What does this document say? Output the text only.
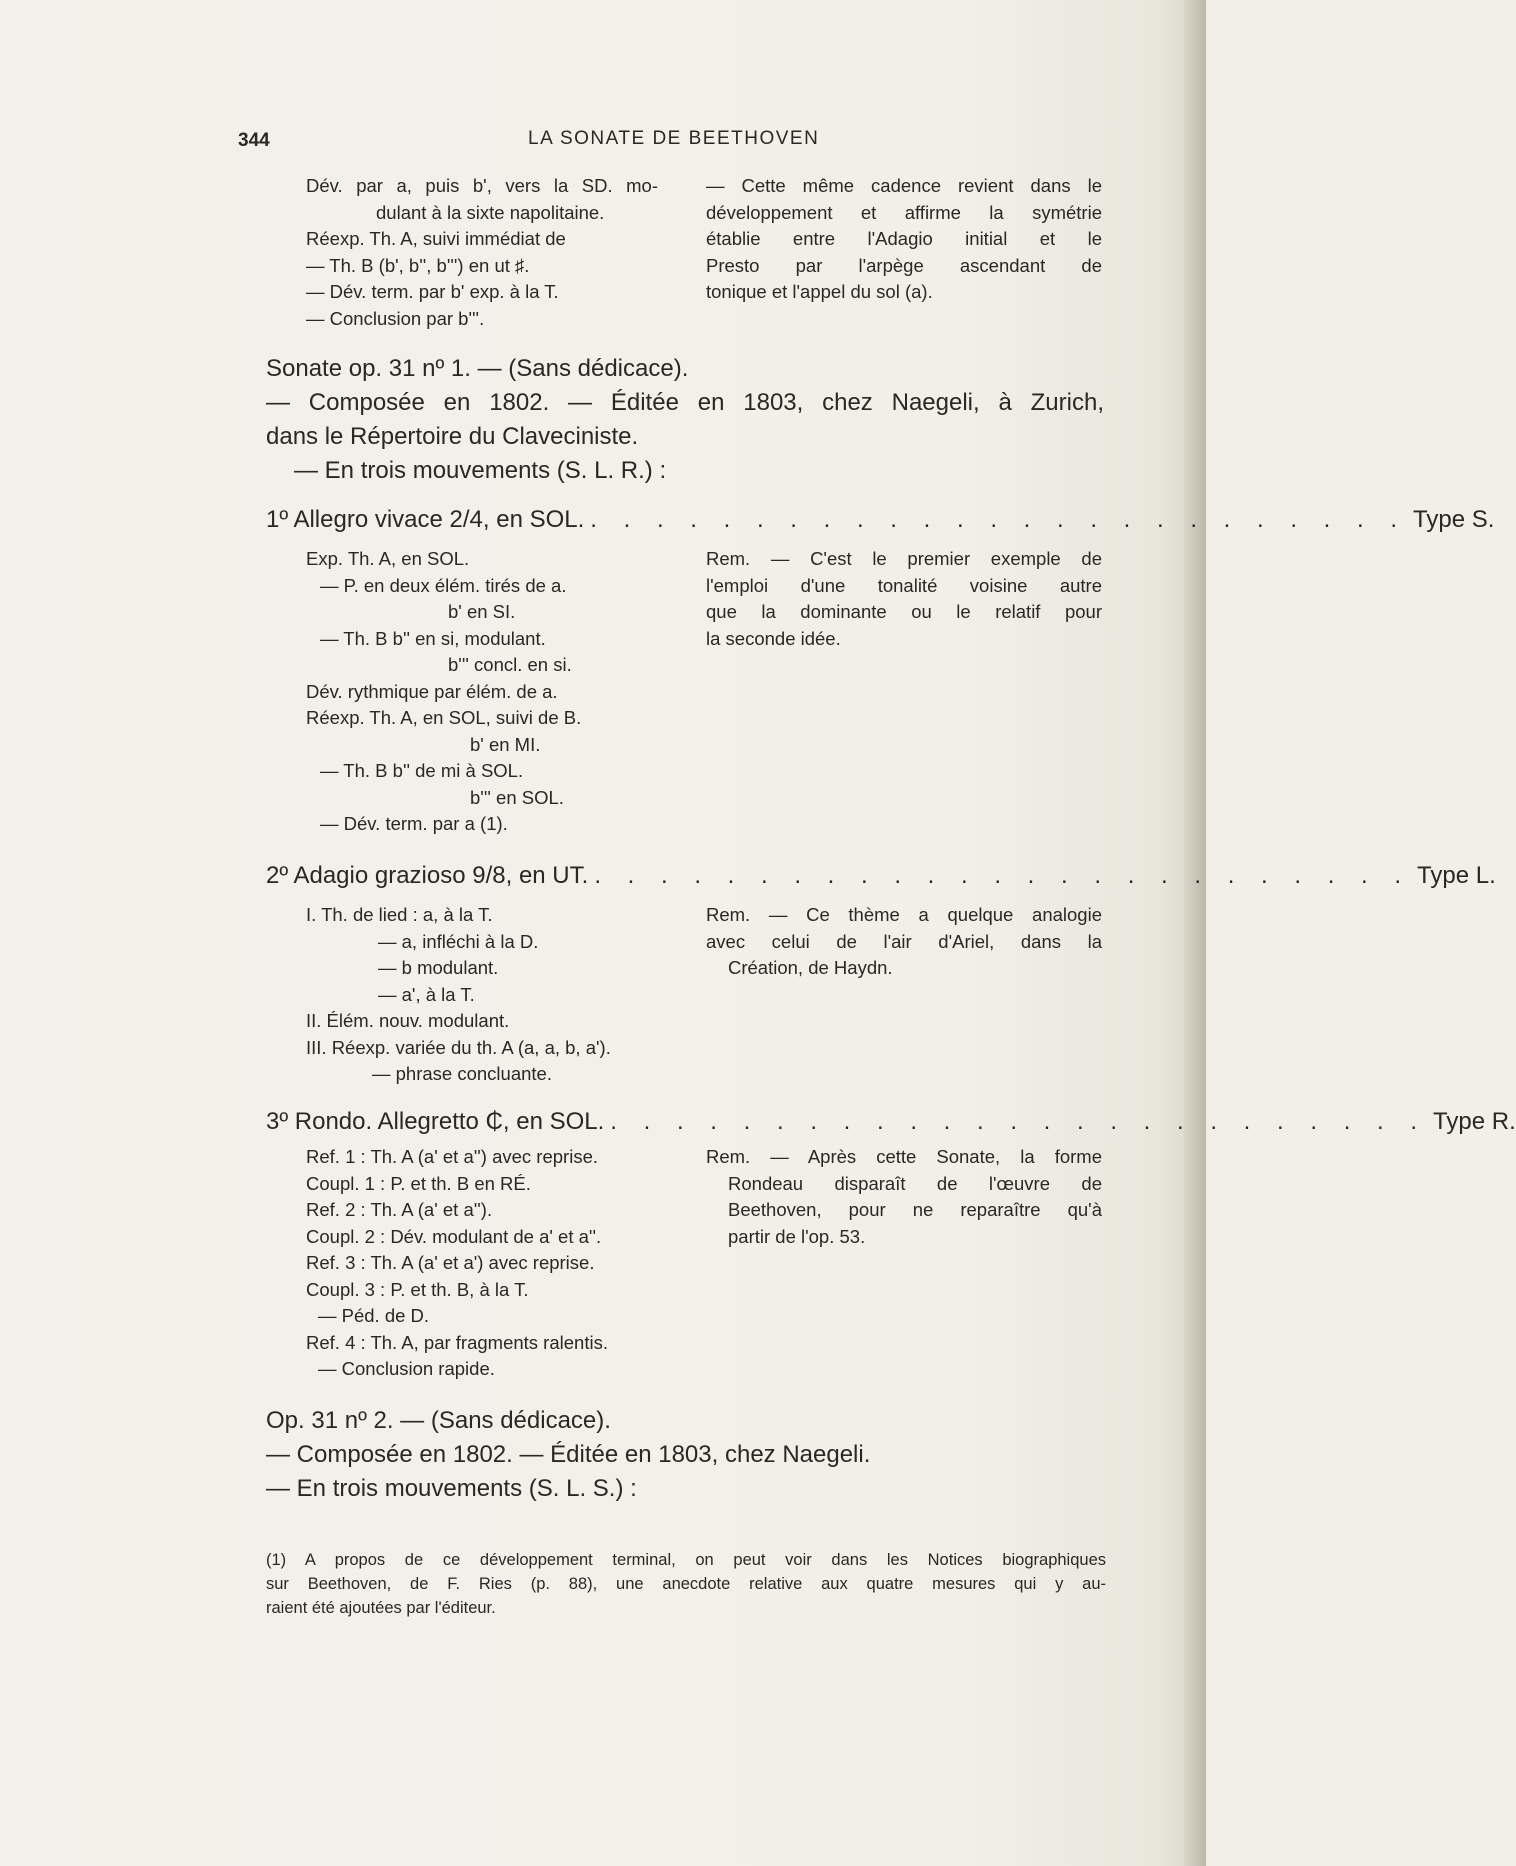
344	LA SONATE DE BEETHOVEN
Dév. par a, puis b', vers la SD. mo-
dulant à la sixte napolitaine.
Réexp. Th. A, suivi immédiat de
— Th. B (b', b'', b''') en ut ♯.
— Dév. term. par b' exp. à la T.
— Conclusion par b'''.
— Cette même cadence revient dans le
développement et affirme la symétrie
établie entre l'Adagio initial et le
Presto par l'arpège ascendant de
tonique et l'appel du sol (a).
Sonate op. 31 nº 1. — (Sans dédicace).
— Composée en 1802. — Éditée en 1803, chez Naegeli, à Zurich,
dans le Répertoire du Claveciniste.
— En trois mouvements (S. L. R.) :
1º Allegro vivace 2/4, en SOL. . . . . . . . . . . . . . . . . . . . . . . . . . Type S.
Exp. Th. A, en SOL.
— P. en deux élém. tirés de a.
b' en SI.
— Th. B b'' en si, modulant.
b''' concl. en si.
Dév. rythmique par élém. de a.
Réexp. Th. A, en SOL, suivi de B.
b' en MI.
— Th. B b'' de mi à SOL.
b''' en SOL.
— Dév. term. par a (1).
Rem. — C'est le premier exemple de
l'emploi d'une tonalité voisine autre
que la dominante ou le relatif pour
la seconde idée.
2º Adagio grazioso 9/8, en UT. . . . . . . . . . . . . . . . . . . . . . . . . . Type L.
I. Th. de lied : a, à la T.
— a, infléchi à la D.
— b modulant.
— a', à la T.
II. Élém. nouv. modulant.
III. Réexp. variée du th. A (a, a, b, a').
— phrase concluante.
Rem. — Ce thème a quelque analogie
avec celui de l'air d'Ariel, dans la
Création, de Haydn.
3º Rondo. Allegretto ₵, en SOL. . . . . . . . . . . . . . . . . . . . . . . . . . Type R.
Ref. 1 : Th. A (a' et a'') avec reprise.
Coupl. 1 : P. et th. B en RÉ.
Ref. 2 : Th. A (a' et a'').
Coupl. 2 : Dév. modulant de a' et a''.
Ref. 3 : Th. A (a' et a') avec reprise.
Coupl. 3 : P. et th. B, à la T.
— Péd. de D.
Ref. 4 : Th. A, par fragments ralentis.
— Conclusion rapide.
Rem. — Après cette Sonate, la forme
Rondeau disparaît de l'œuvre de
Beethoven, pour ne reparaître qu'à
partir de l'op. 53.
Op. 31 nº 2. — (Sans dédicace).
— Composée en 1802. — Éditée en 1803, chez Naegeli.
— En trois mouvements (S. L. S.) :
(1) A propos de ce développement terminal, on peut voir dans les Notices biographiques
sur Beethoven, de F. Ries (p. 88), une anecdote relative aux quatre mesures qui y au-
raient été ajoutées par l'éditeur.
